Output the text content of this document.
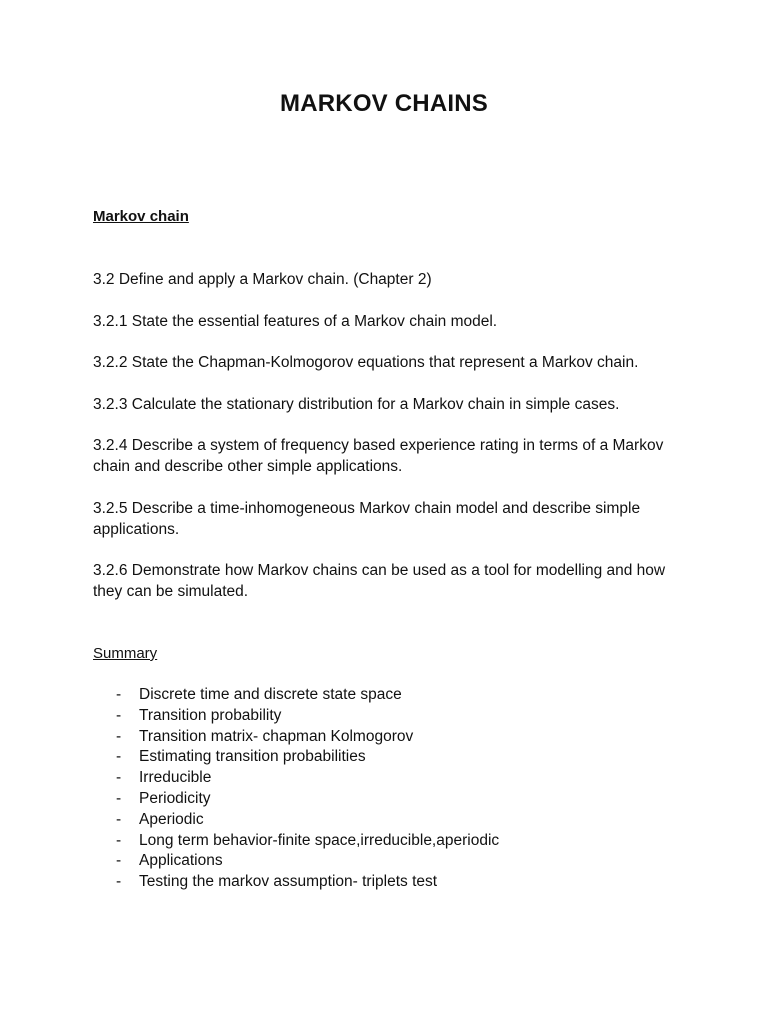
MARKOV CHAINS
Markov chain
3.2 Define and apply a Markov chain. (Chapter 2)
3.2.1 State the essential features of a Markov chain model.
3.2.2 State the Chapman-Kolmogorov equations that represent a Markov chain.
3.2.3 Calculate the stationary distribution for a Markov chain in simple cases.
3.2.4 Describe a system of frequency based experience rating in terms of a Markov chain and describe other simple applications.
3.2.5 Describe a time-inhomogeneous Markov chain model and describe simple applications.
3.2.6 Demonstrate how Markov chains can be used as a tool for modelling and how they can be simulated.
Summary
- Discrete time and discrete state space
- Transition probability
- Transition matrix- chapman Kolmogorov
- Estimating transition probabilities
- Irreducible
- Periodicity
- Aperiodic
- Long term behavior-finite space,irreducible,aperiodic
- Applications
- Testing the markov assumption- triplets test
